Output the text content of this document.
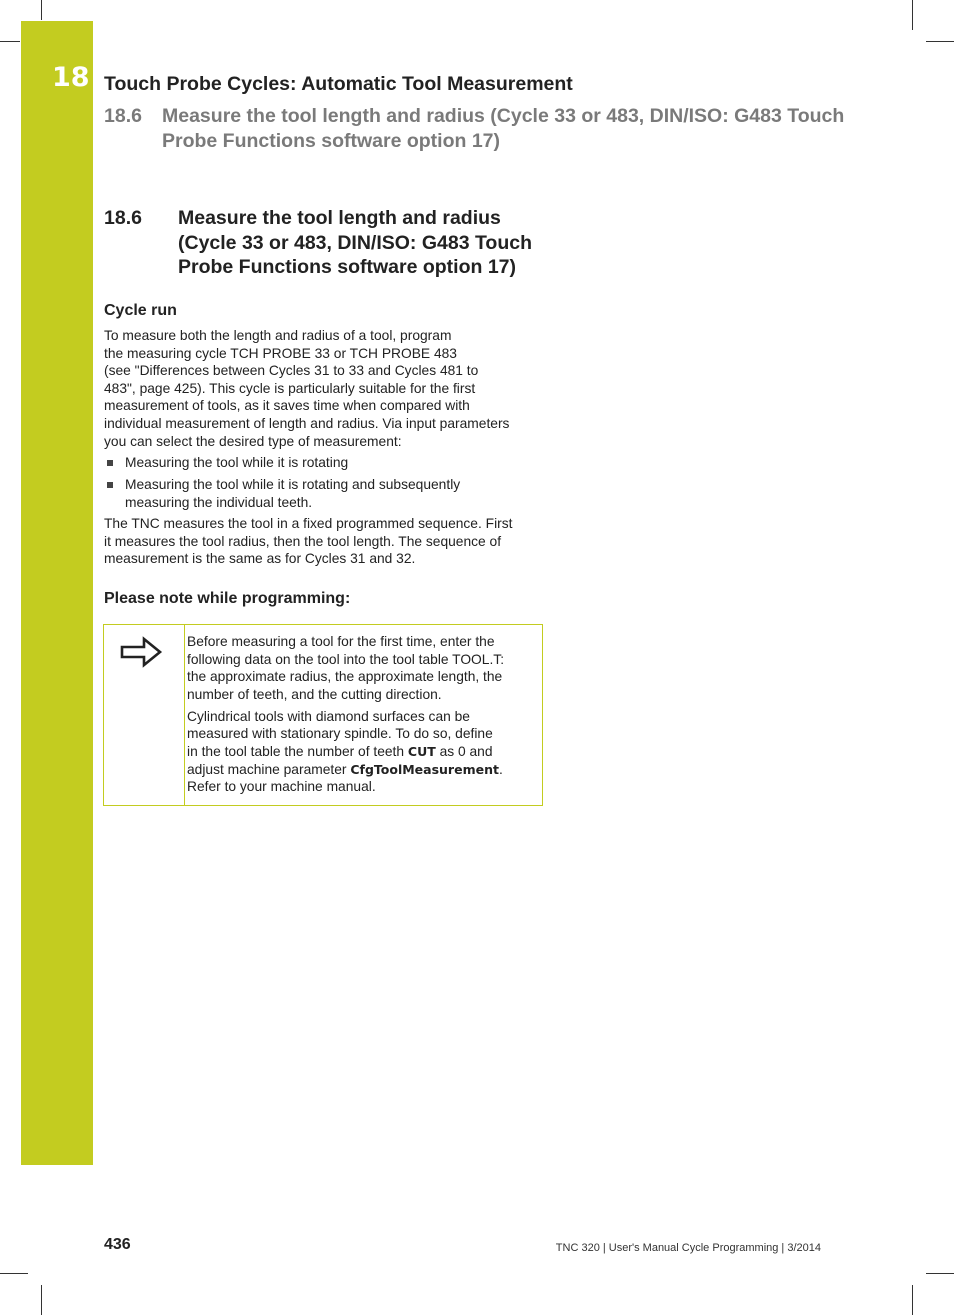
18 Touch Probe Cycles: Automatic Tool Measurement
18.6 Measure the tool length and radius (Cycle 33 or 483, DIN/ISO: G483 Touch Probe Functions software option 17)
18.6 Measure the tool length and radius
(Cycle 33 or 483, DIN/ISO: G483 Touch
Probe Functions software option 17)
Cycle run
To measure both the length and radius of a tool, program
the measuring cycle TCH PROBE 33 or TCH PROBE 483
(see "Differences between Cycles 31 to 33 and Cycles 481 to
483", page 425). This cycle is particularly suitable for the first
measurement of tools, as it saves time when compared with
individual measurement of length and radius. Via input parameters
you can select the desired type of measurement:
Measuring the tool while it is rotating
Measuring the tool while it is rotating and subsequently
measuring the individual teeth.
The TNC measures the tool in a fixed programmed sequence. First
it measures the tool radius, then the tool length. The sequence of
measurement is the same as for Cycles 31 and 32.
Please note while programming:

Before measuring a tool for the first time, enter the
following data on the tool into the tool table TOOL.T:
the approximate radius, the approximate length, the
number of teeth, and the cutting direction.

Cylindrical tools with diamond surfaces can be
measured with stationary spindle. To do so, define
in the tool table the number of teeth CUT as 0 and
adjust machine parameter CfgToolMeasurement.
Refer to your machine manual.

436	TNC 320 | User's Manual Cycle Programming | 3/2014
